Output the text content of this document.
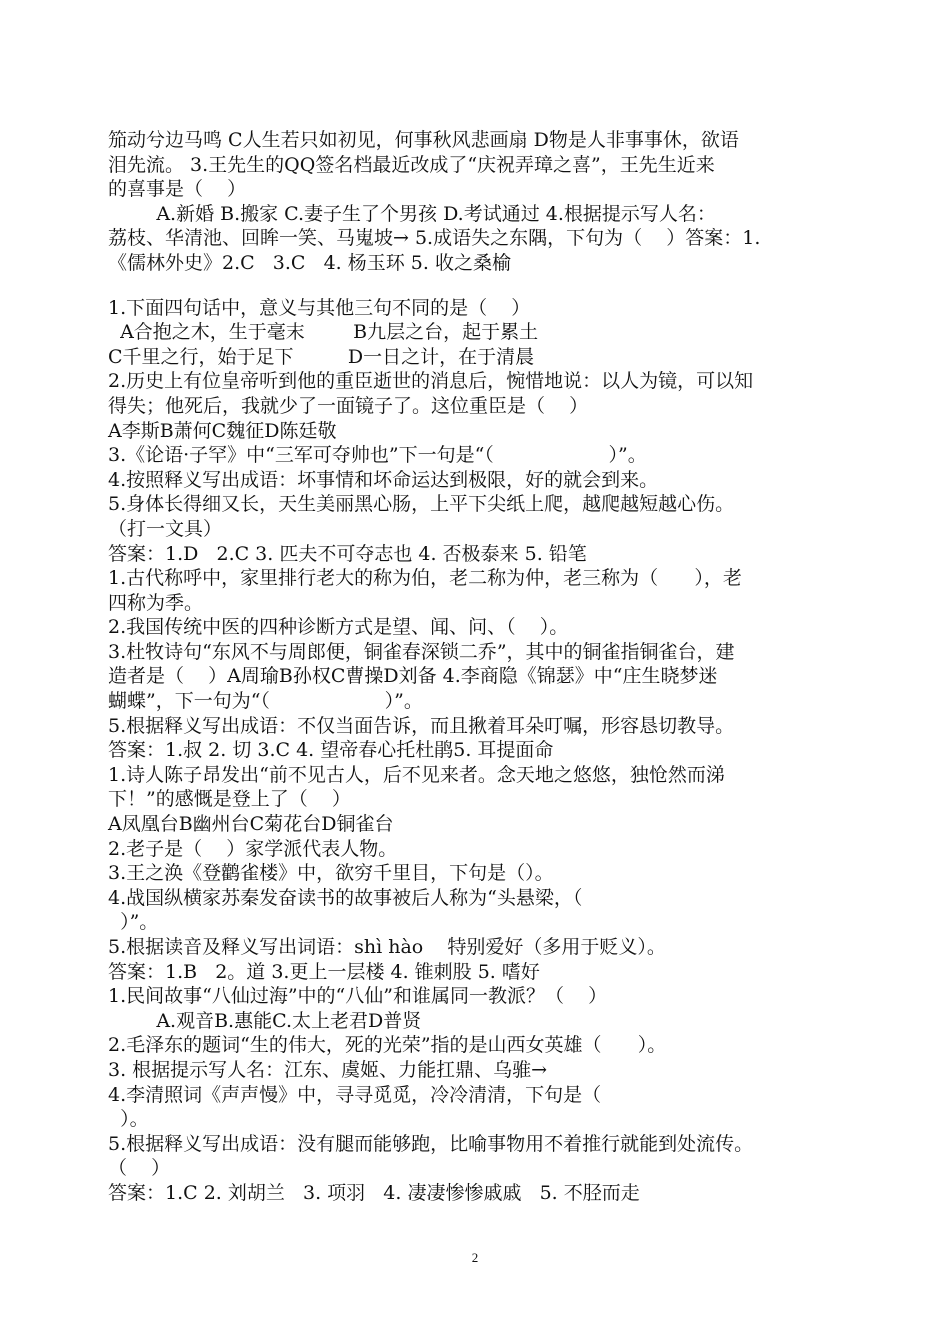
笳动兮边马鸣 C人生若只如初见，何事秋风悲画扇 D物是人非事事休，欲语
泪先流。 3.王先生的QQ签名档最近改成了“庆祝弄璋之喜”，王先生近来
的喜事是（    ）
A.新婚 B.搬家 C.妻子生了个男孩 D.考试通过 4.根据提示写人名：
荔枝、华清池、回眸一笑、马嵬坡→ 5.成语失之东隅，下句为（    ）答案：1.
《儒林外史》2.C   3.C   4. 杨玉环 5. 收之桑榆
1.下面四句话中，意义与其他三句不同的是（    ）
A合抱之木，生于毫末        B九层之台，起于累土
C千里之行，始于足下         D一日之计，在于清晨
2.历史上有位皇帝听到他的重臣逝世的消息后，惋惜地说：以人为镜，可以知
得失；他死后，我就少了一面镜子了。这位重臣是（    ）
A李斯B萧何C魏征D陈廷敬
3.《论语·子罕》中“三军可夺帅也”下一句是“（                   ）”。
4.按照释义写出成语：坏事情和坏命运达到极限，好的就会到来。
5.身体长得细又长，天生美丽黑心肠，上平下尖纸上爬，越爬越短越心伤。
（打一文具）
答案：1.D   2.C 3. 匹夫不可夺志也 4. 否极泰来 5. 铅笔
1.古代称呼中，家里排行老大的称为伯，老二称为仲，老三称为（      ），老
四称为季。
2.我国传统中医的四种诊断方式是望、闻、问、（    ）。
3.杜牧诗句“东风不与周郎便，铜雀春深锁二乔”，其中的铜雀指铜雀台，建
造者是（    ）A周瑜B孙权C曹操D刘备 4.李商隐《锦瑟》中“庄生晓梦迷
蝴蝶”，下一句为“（                   ）”。
5.根据释义写出成语：不仅当面告诉，而且揪着耳朵叮嘱，形容恳切教导。
答案：1.叔 2. 切 3.C 4. 望帝春心托杜鹃5. 耳提面命
1.诗人陈子昂发出“前不见古人，后不见来者。念天地之悠悠，独怆然而涕
下！”的感慨是登上了（    ）
A凤凰台B幽州台C菊花台D铜雀台
2.老子是（    ）家学派代表人物。
3.王之涣《登鹳雀楼》中，欲穷千里目，下句是（）。
4.战国纵横家苏秦发奋读书的故事被后人称为“头悬梁，（
）”。
5.根据读音及释义写出词语：shì hào    特别爱好（多用于贬义）。
答案：1.B   2。道 3.更上一层楼 4. 锥刺股 5. 嗜好
1.民间故事“八仙过海”中的“八仙”和谁属同一教派？（    ）
A.观音B.惠能C.太上老君D普贤
2.毛泽东的题词“生的伟大，死的光荣”指的是山西女英雄（      ）。
3. 根据提示写人名：江东、虞姬、力能扛鼎、乌骓→
4.李清照词《声声慢》中，寻寻觅觅，冷冷清清，下句是（
）。
5.根据释义写出成语：没有腿而能够跑，比喻事物用不着推行就能到处流传。
（    ）
答案：1.C 2. 刘胡兰   3. 项羽   4. 凄凄惨惨戚戚   5. 不胫而走
2
